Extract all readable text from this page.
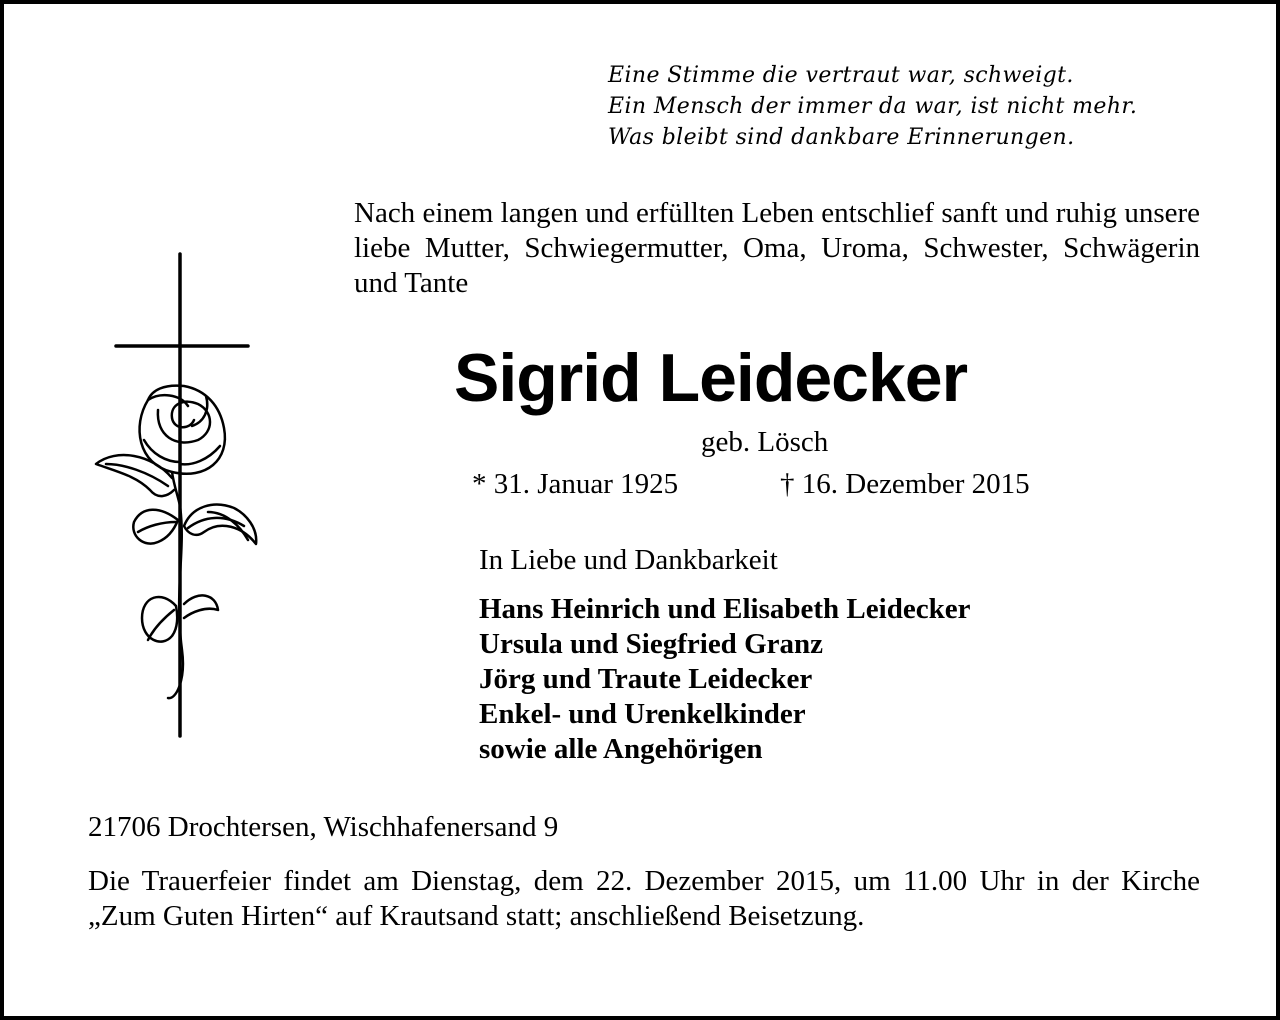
Eine Stimme die vertraut war, schweigt.
Ein Mensch der immer da war, ist nicht mehr.
Was bleibt sind dankbare Erinnerungen.
Nach einem langen und erfüllten Leben entschlief sanft und ruhig unsere liebe Mutter, Schwiegermutter, Oma, Uroma, Schwester, Schwägerin und Tante
Sigrid Leidecker
geb. Lösch
* 31. Januar 1925	† 16. Dezember 2015
In Liebe und Dankbarkeit
Hans Heinrich und Elisabeth Leidecker
Ursula und Siegfried Granz
Jörg und Traute Leidecker
Enkel- und Urenkelkinder
sowie alle Angehörigen
21706 Drochtersen, Wischhafenersand 9
Die Trauerfeier findet am Dienstag, dem 22. Dezember 2015, um 11.00 Uhr in der Kirche „Zum Guten Hirten“ auf Krautsand statt; anschließend Beisetzung.
